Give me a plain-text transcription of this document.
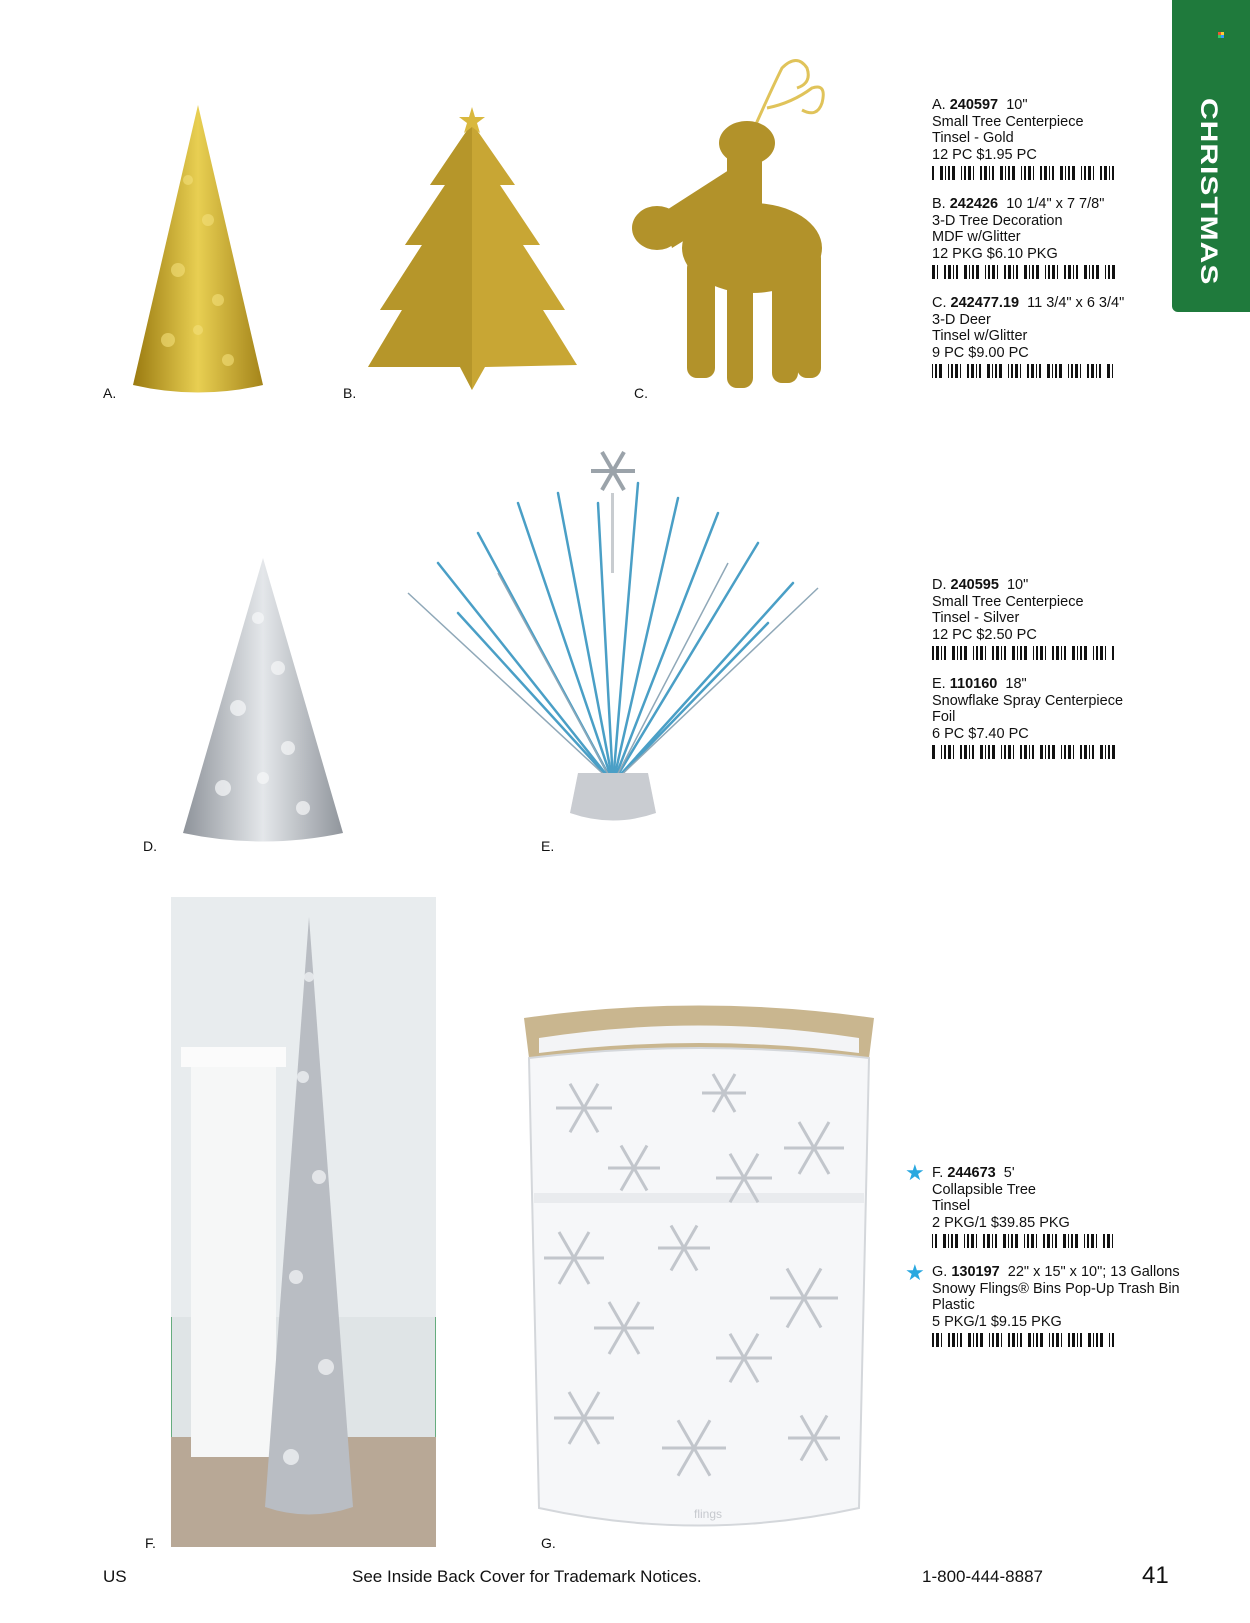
CHRISTMAS
A.	B.	C.
A. 240597 10"
Small Tree Centerpiece
Tinsel - Gold
12 PC $1.95 PC
B. 242426 10 1/4" x 7 7/8"
3-D Tree Decoration
MDF w/Glitter
12 PKG $6.10 PKG
C. 242477.19 11 3/4" x 6 3/4"
3-D Deer
Tinsel w/Glitter
9 PC $9.00 PC
D.	E.
D. 240595 10"
Small Tree Centerpiece
Tinsel - Silver
12 PC $2.50 PC
E. 110160 18"
Snowflake Spray Centerpiece
Foil
6 PC $7.40 PC
F.
flings
G.
★ F. 244673 5'
Collapsible Tree
Tinsel
2 PKG/1 $39.85 PKG
★ G. 130197 22" x 15" x 10"; 13 Gallons
Snowy Flings® Bins Pop-Up Trash Bin
Plastic
5 PKG/1 $9.15 PKG
US	See Inside Back Cover for Trademark Notices.	1-800-444-8887	41
